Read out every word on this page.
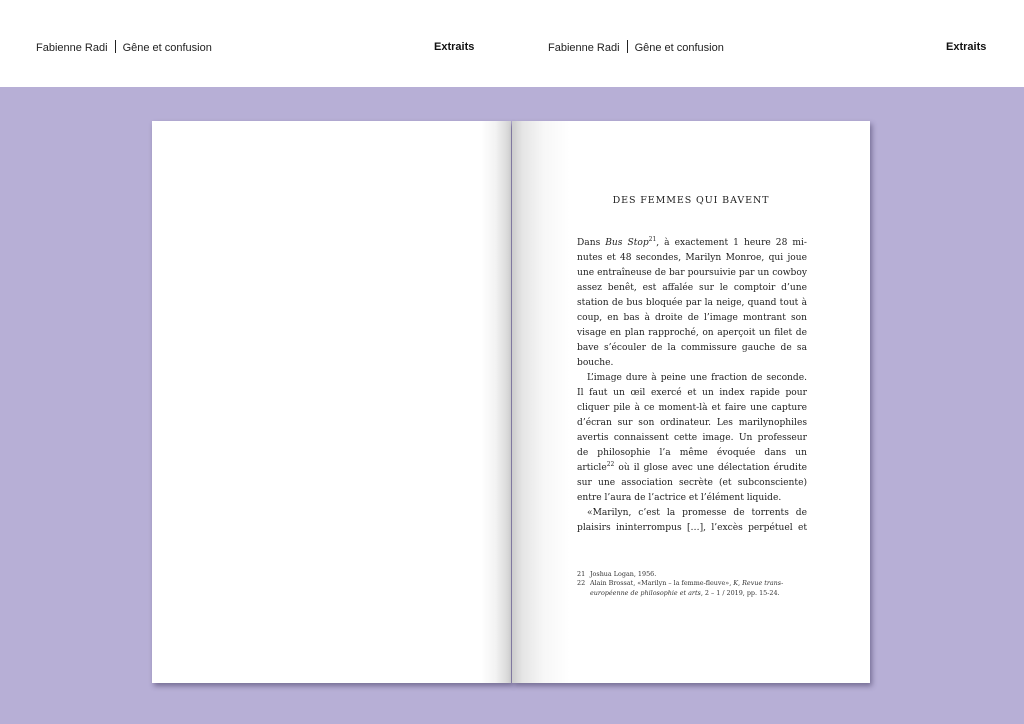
Fabienne Radi Gêne et confusion	Extraits	Fabienne Radi Gêne et confusion	Extraits
DES FEMMES QUI BAVENT

Dans Bus Stop$^{21}$, à exactement 1 heure 28 minutes et 48 secondes, Marilyn Monroe, qui joue une entraîneuse de bar poursuivie par un cowboy assez benêt, est affalée sur le comptoir d’une station de bus bloquée par la neige, quand tout à coup, en bas à droite de l’image montrant son visage en plan rapproché, on aperçoit un filet de bave s’écouler de la commissure gauche de sa bouche.

L’image dure à peine une fraction de seconde. Il faut un œil exercé et un index rapide pour cliquer pile à ce moment-là et faire une capture d’écran sur son ordinateur. Les marilynophiles avertis connaissent cette image. Un professeur de philosophie l’a même évoquée dans un article$^{22}$ où il glose avec une délectation érudite sur une association secrète (et subconsciente) entre l’aura de l’actrice et l’élément liquide.

«Marilyn, c’est la promesse de torrents de plaisirs ininterrompus […], l’excès perpétuel et

21 Joshua Logan, 1956.
22 Alain Brossat, «Marilyn – la femme-fleuve», K, Revue trans-européenne de philosophie et arts, 2 – 1 / 2019, pp. 15-24.
